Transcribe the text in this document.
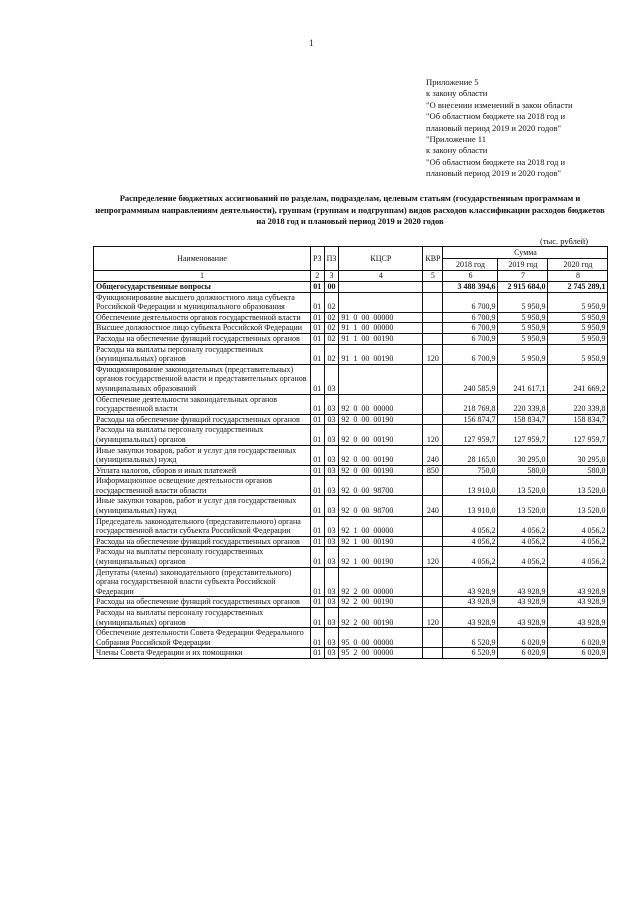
1
Приложение 5
к закону области
"О внесении изменений в закон области
"Об областном бюджете на 2018 год и
плановый период 2019 и 2020 годов"
"Приложение 11
к закону области
"Об областном бюджете на 2018 год и
плановый период 2019 и 2020 годов"
Распределение бюджетных ассигнований по разделам, подразделам, целевым статьям (государственным программам и непрограммным направлениям деятельности), группам (группам и подгруппам) видов расходов классификации расходов бюджетов на 2018 год и плановый период 2019 и 2020 годов
(тыс. рублей)
Наименование	РЗ	ПЗ	КЦСР	КВР	Сумма		
					2018 год	2019 год	2020 год
1	2	3	4	5	6	7	8
Общегосударственные вопросы	01	00			3 488 394,6	2 915 684,0	2 745 289,1
Функционирование высшего должностного лица субъекта Российской Федерации и муниципального образования	01	02			6 700,9	5 950,9	5 950,9
Обеспечение деятельности органов государственной власти	01	02	91 0 00 00000		6 700,9	5 950,9	5 950,9
Высшее должностное лицо субъекта Российской Федерации	01	02	91 1 00 00000		6 700,9	5 950,9	5 950,9
Расходы на обеспечение функций государственных органов	01	02	91 1 00 00190		6 700,9	5 950,9	5 950,9
Расходы на выплаты персоналу государственных (муниципальных) органов	01	02	91 1 00 00190	120	6 700,9	5 950,9	5 950,9
Функционирование законодательных (представительных) органов государственной власти и представительных органов муниципальных образований	01	03			240 585,9	241 617,1	241 669,2
Обеспечение деятельности законодательных органов государственной власти	01	03	92 0 00 00000		218 769,8	220 339,8	220 339,8
Расходы на обеспечение функций государственных органов	01	03	92 0 00 00190		156 874,7	158 834,7	158 834,7
Расходы на выплаты персоналу государственных (муниципальных) органов	01	03	92 0 00 00190	120	127 959,7	127 959,7	127 959,7
Иные закупки товаров, работ и услуг для государственных (муниципальных) нужд	01	03	92 0 00 00190	240	28 165,0	30 295,0	30 295,0
Уплата налогов, сборов и иных платежей	01	03	92 0 00 00190	850	750,0	580,0	580,0
Информационное освещение деятельности органов государственной власти области	01	03	92 0 00 98700		13 910,0	13 520,0	13 520,0
Иные закупки товаров, работ и услуг для государственных (муниципальных) нужд	01	03	92 0 00 98700	240	13 910,0	13 520,0	13 520,0
Председатель законодательного (представительного) органа государственной власти субъекта Российской Федерации	01	03	92 1 00 00000		4 056,2	4 056,2	4 056,2
Расходы на обеспечение функций государственных органов	01	03	92 1 00 00190		4 056,2	4 056,2	4 056,2
Расходы на выплаты персоналу государственных (муниципальных) органов	01	03	92 1 00 00190	120	4 056,2	4 056,2	4 056,2
Депутаты (члены) законодательного (представительного) органа государственной власти субъекта Российской Федерации	01	03	92 2 00 00000		43 928,9	43 928,9	43 928,9
Расходы на обеспечение функций государственных органов	01	03	92 2 00 00190		43 928,9	43 928,9	43 928,9
Расходы на выплаты персоналу государственных (муниципальных) органов	01	03	92 2 00 00190	120	43 928,9	43 928,9	43 928,9
Обеспечение деятельности Совета Федерации Федерального Собрания Российской Федерации	01	03	95 0 00 00000		6 520,9	6 020,9	6 020,9
Члены Совета Федерации и их помощники	01	03	95 2 00 00000		6 520,9	6 020,9	6 020,9
